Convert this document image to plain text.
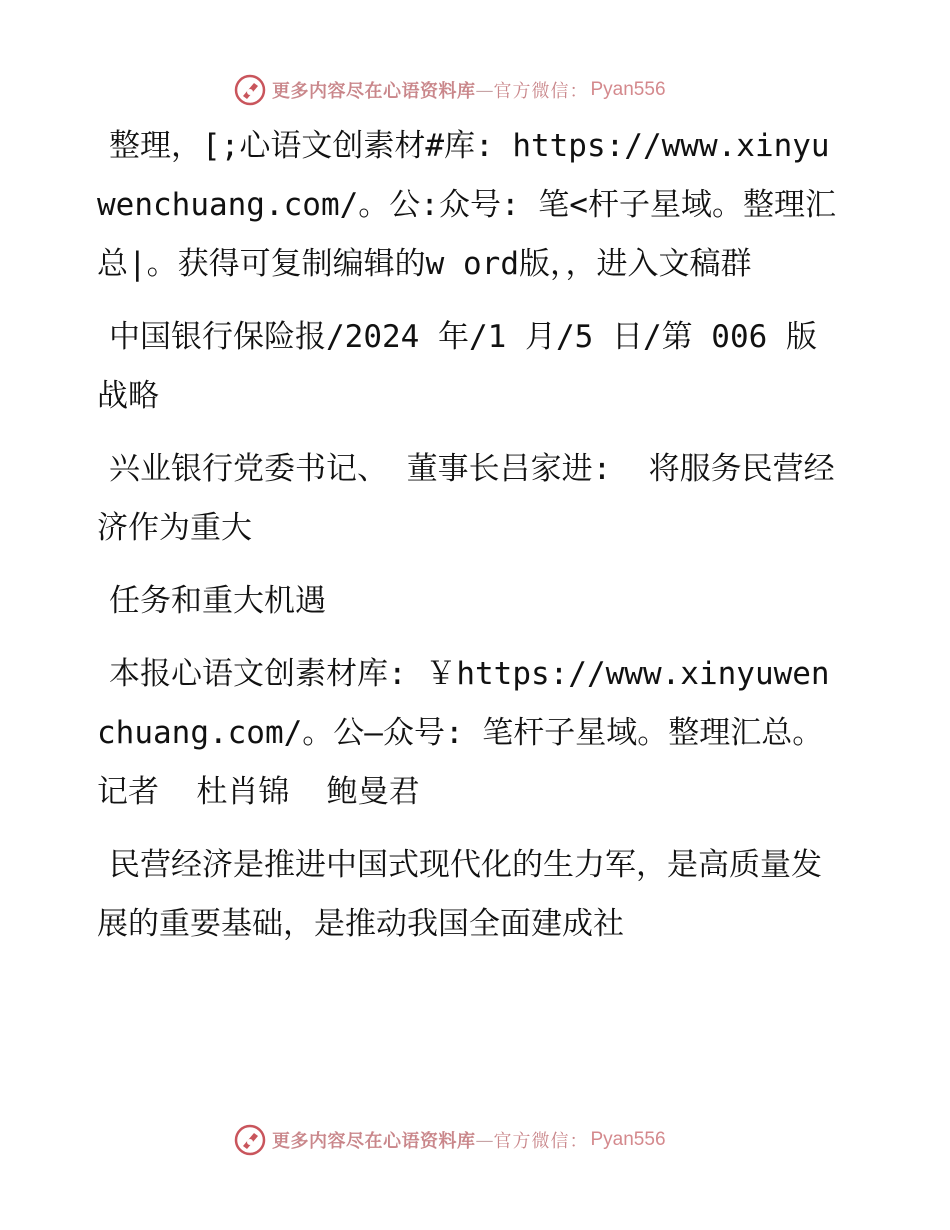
更多内容尽在心语资料库 — 官方微信： Pyan556

整理，[;心语文创素材#库: https://www.xinyuwenchuang.com/。公:众号: 笔<杆子星域。整理汇总|。获得可复制编辑的w ord版，，进入文稿群

中国银行保险报/2024 年/1 月/5 日/第 006 版战略

兴业银行党委书记、 董事长吕家进:  将服务民营经济作为重大

任务和重大机遇

本报心语文创素材库: ￥https://www.xinyuwenchuang.com/。公—众号: 笔杆子星域。整理汇总。记者  杜肖锦  鲍曼君

民营经济是推进中国式现代化的生力军，是高质量发展的重要基础，是推动我国全面建成社

更多内容尽在心语资料库 — 官方微信： Pyan556
